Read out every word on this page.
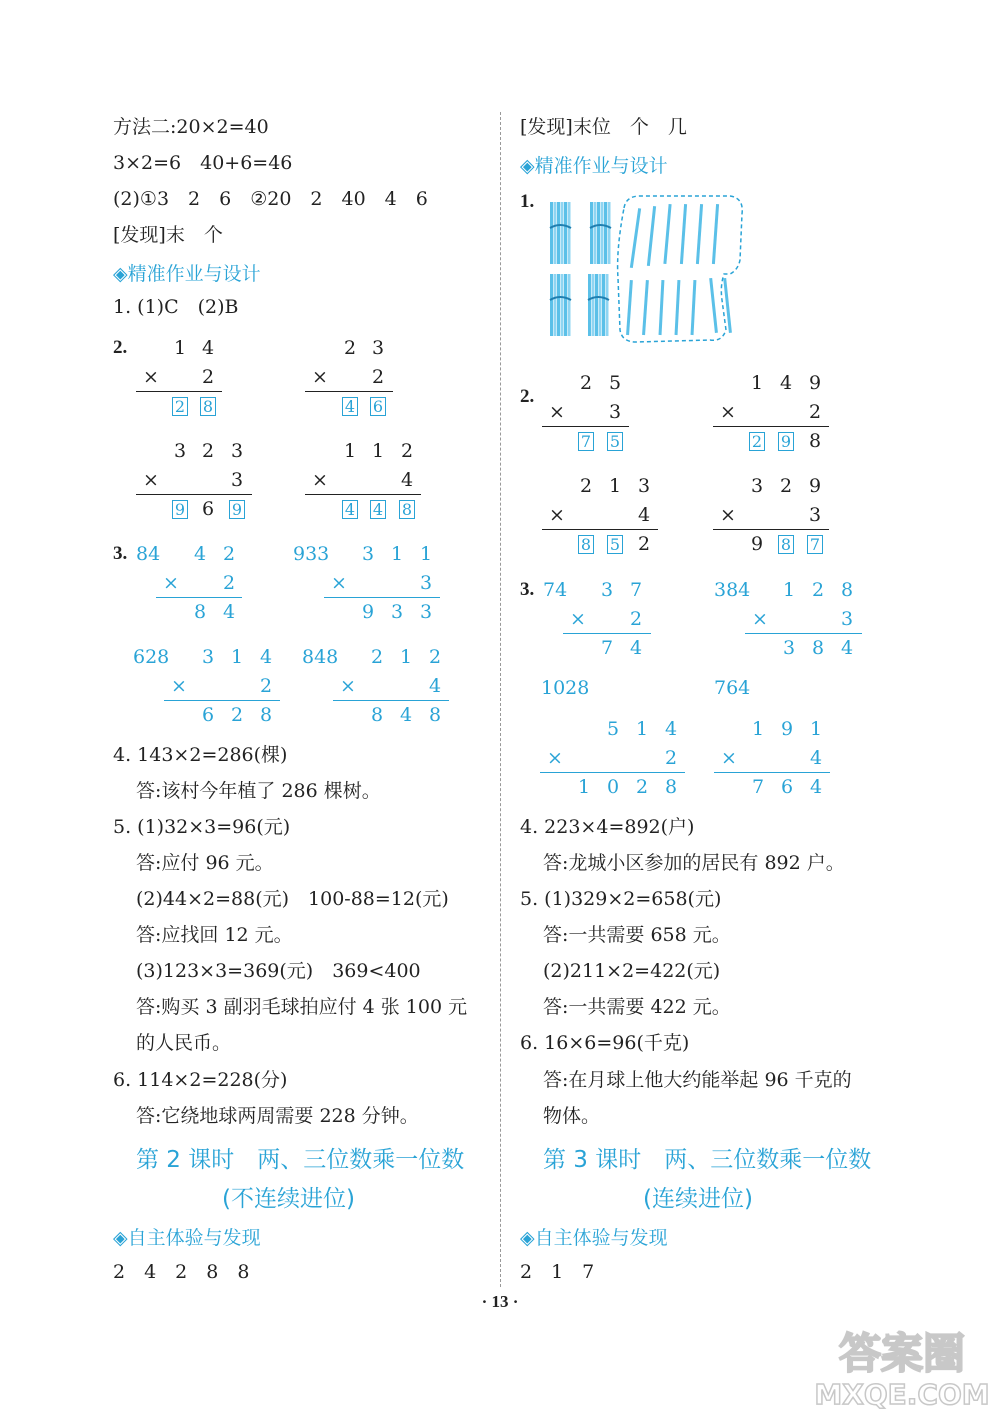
方法二:20×2=40
3×2=6　40+6=46
(2)①3　2　6　②20　2　40　4　6
[发现]末　个
◈精准作业与设计
1. (1)C　(2)B
2. 1 4
× 2
2 8
2 3
× 2
4 6
3 2 3
×	3
9 6 9
1 1 2
×	4
4 4 8
3. 84 4 2
× 2
8 4
933 3 1 1
×	3
9 3 3
628 3 1 4
×	2
6 2 8
848 2 1 2
×	4
8 4 8
4. 143×2=286(棵)
答:该村今年植了 286 棵树。
5. (1)32×3=96(元)
答:应付 96 元。
(2)44×2=88(元)　100-88=12(元)
答:应找回 12 元。
(3)123×3=369(元)　369<400
答:购买 3 副羽毛球拍应付 4 张 100 元
的人民币。
6. 114×2=228(分)
答:它绕地球两周需要 228 分钟。
第 2 课时　两、三位数乘一位数
(不连续进位)
◈自主体验与发现
2　4　2　8　8
[发现]末位　个　几
◈精准作业与设计
1.
2.
2 5
× 3
7 5
1 4 9
×	2
2 9 8
2 1 3
×	4
8 5 2
3 2 9
×	3
9 8 7
3. 74 3 7
× 2
7 4
384 1 2 8
×	3
3 8 4
1028
5 1 4
×	2
1 0 2 8
764
1 9 1
×	4
7 6 4
4. 223×4=892(户)
答:龙城小区参加的居民有 892 户。
5. (1)329×2=658(元)
答:一共需要 658 元。
(2)211×2=422(元)
答:一共需要 422 元。
6. 16×6=96(千克)
答:在月球上他大约能举起 96 千克的
物体。
第 3 课时　两、三位数乘一位数
(连续进位)
◈自主体验与发现
2　1　7
· 13 ·
答案圈
MXQE.COM
